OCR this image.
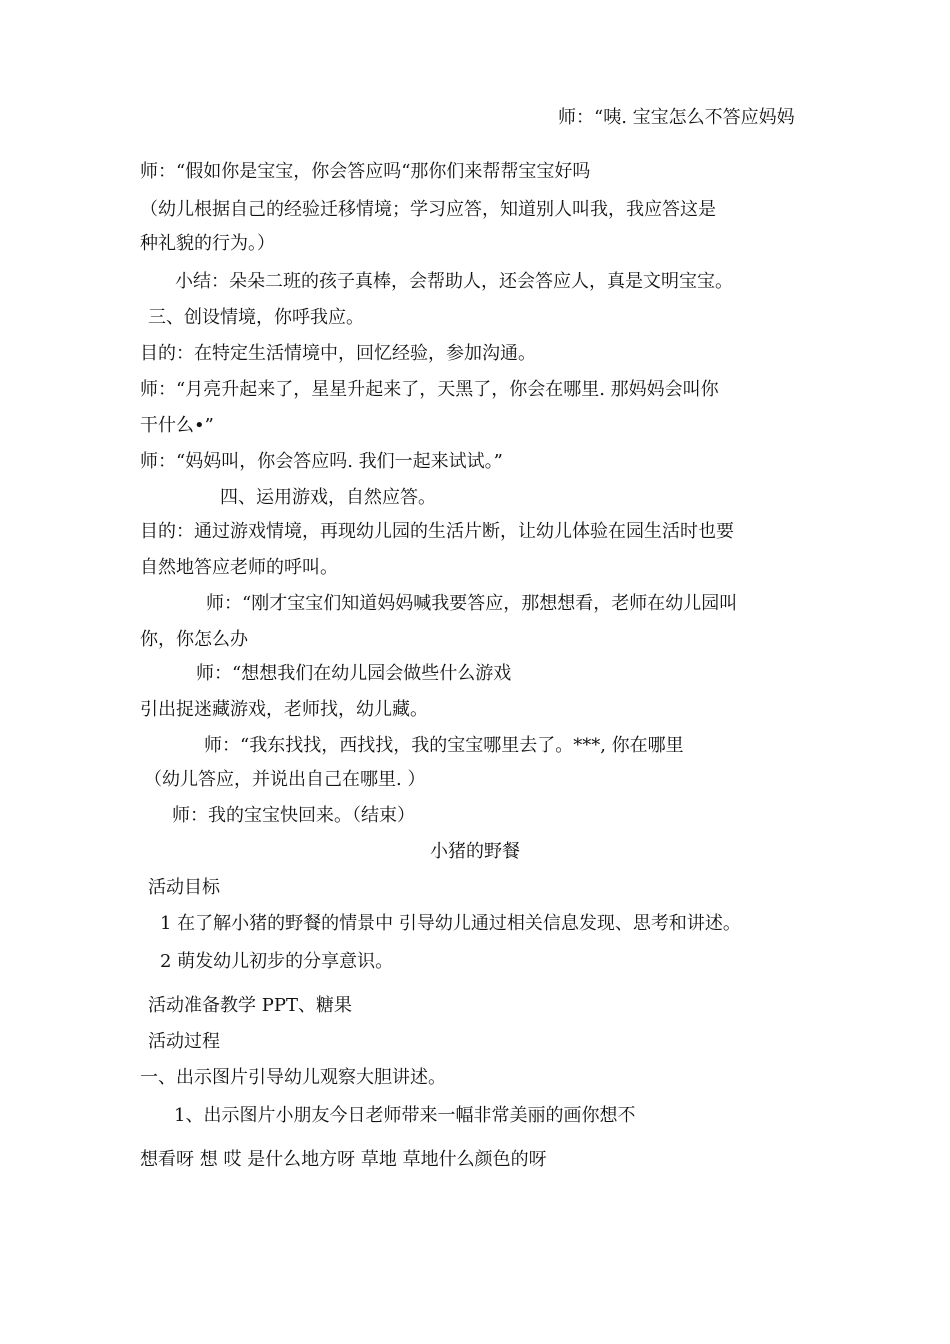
师：“咦. 宝宝怎么不答应妈妈
师：“假如你是宝宝，你会答应吗“那你们来帮帮宝宝好吗
（幼儿根据自己的经验迁移情境；学习应答，知道别人叫我，我应答这是
种礼貌的行为。）
小结：朵朵二班的孩子真棒，会帮助人，还会答应人，真是文明宝宝。
三、创设情境，你呼我应。
目的：在特定生活情境中，回忆经验，参加沟通。
师：“月亮升起来了，星星升起来了，天黑了，你会在哪里. 那妈妈会叫你
干什么•”
师：“妈妈叫，你会答应吗. 我们一起来试试。”
四、运用游戏，自然应答。
目的：通过游戏情境，再现幼儿园的生活片断，让幼儿体验在园生活时也要
自然地答应老师的呼叫。
师：“刚才宝宝们知道妈妈喊我要答应，那想想看，老师在幼儿园叫
你，你怎么办
师：“想想我们在幼儿园会做些什么游戏
引出捉迷藏游戏，老师找，幼儿藏。
师：“我东找找，西找找，我的宝宝哪里去了。***, 你在哪里
（幼儿答应，并说出自己在哪里. ）
师：我的宝宝快回来。（结束）
小猪的野餐
活动目标
1 在了解小猪的野餐的情景中 引导幼儿通过相关信息发现、思考和讲述。
2 萌发幼儿初步的分享意识。
活动准备教学 PPT、糖果
活动过程
一、出示图片引导幼儿观察大胆讲述。
1、出示图片小朋友今日老师带来一幅非常美丽的画你想不
想看呀 想 哎 是什么地方呀 草地 草地什么颜色的呀
